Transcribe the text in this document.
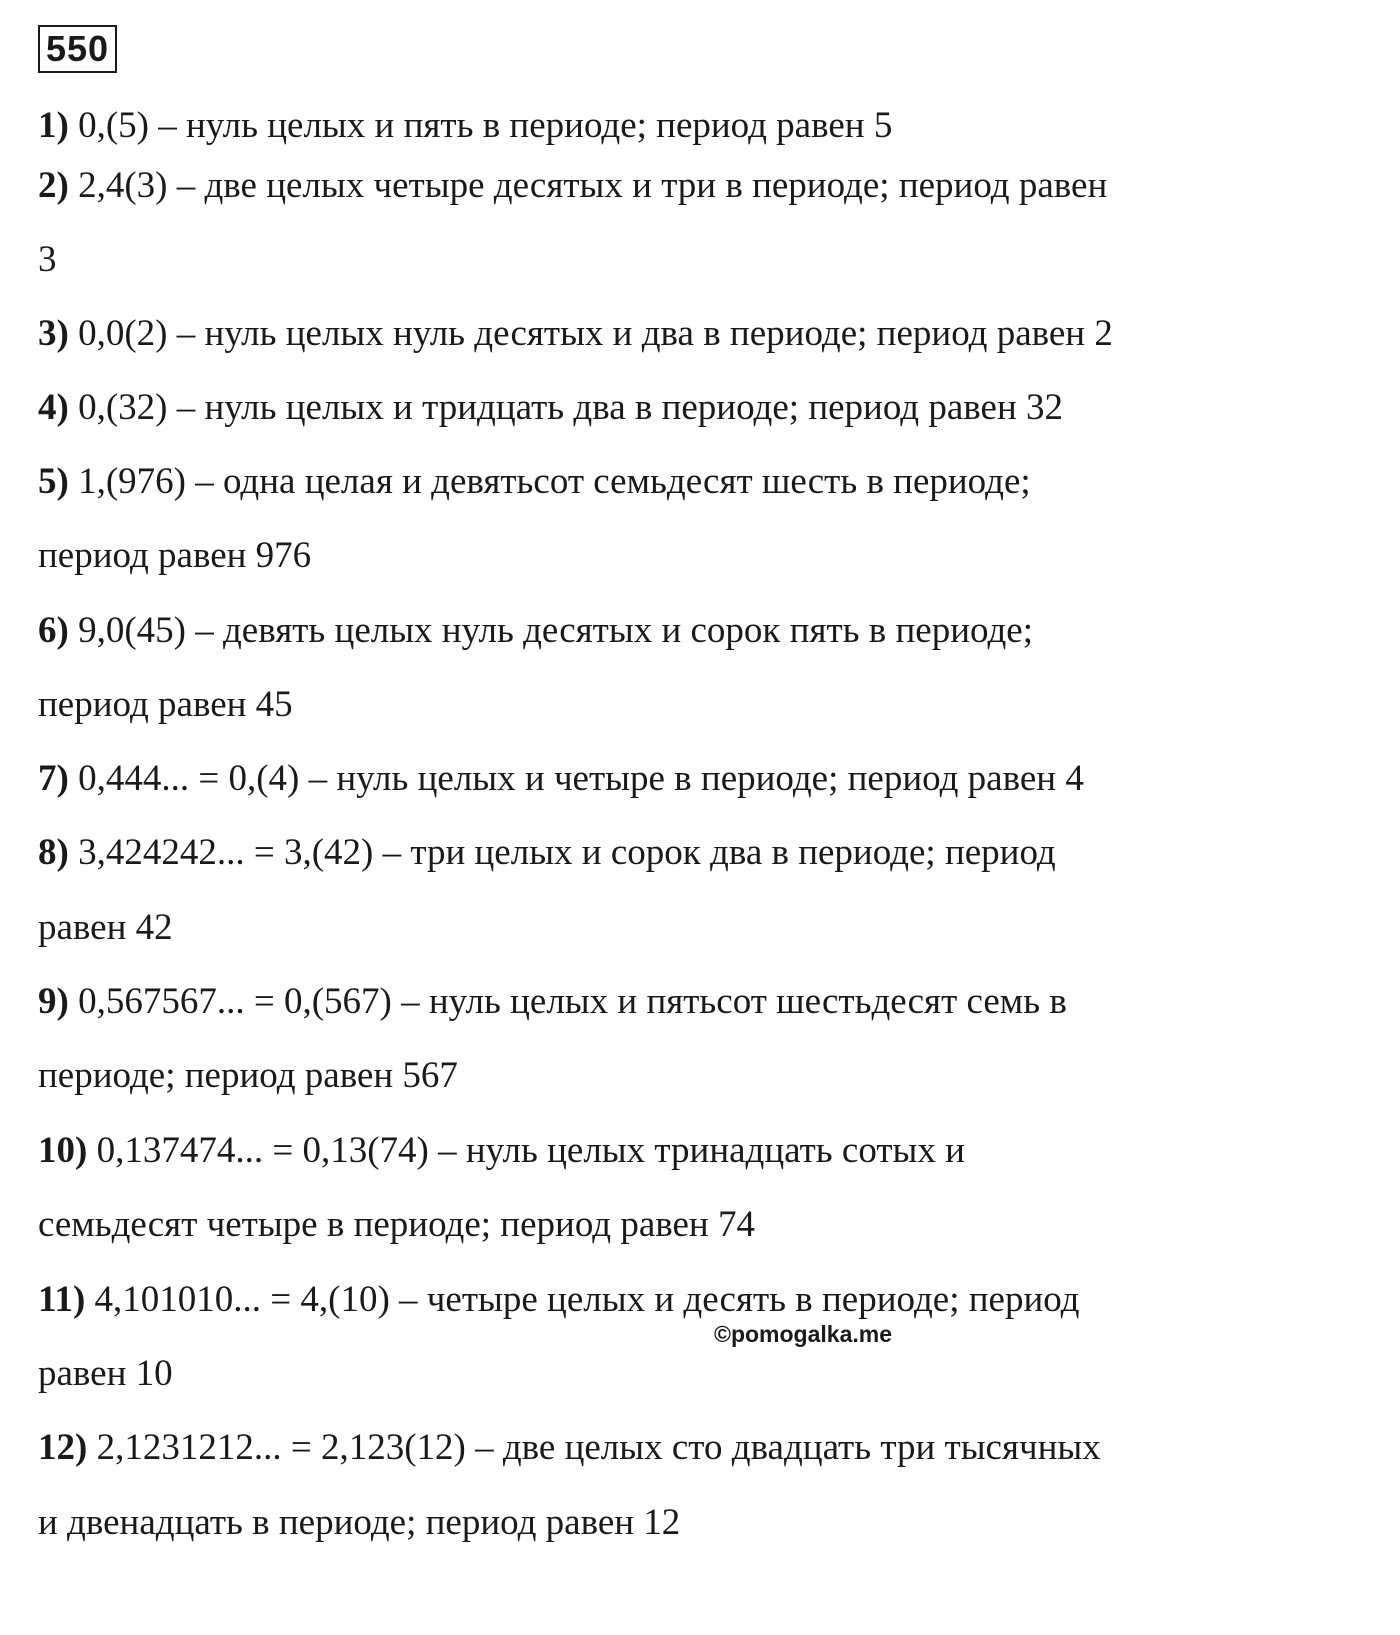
550

1) 0,(5) – нуль целых и пять в периоде; период равен 5

2) 2,4(3) – две целых четыре десятых и три в периоде; период равен

3

3) 0,0(2) – нуль целых нуль десятых и два в периоде; период равен 2

4) 0,(32) – нуль целых и тридцать два в периоде; период равен 32

5) 1,(976) – одна целая и девятьсот семьдесят шесть в периоде;

период равен 976

6) 9,0(45) – девять целых нуль десятых и сорок пять в периоде;

период равен 45

7) 0,444... = 0,(4) – нуль целых и четыре в периоде; период равен 4

8) 3,424242... = 3,(42) – три целых и сорок два в периоде; период

равен 42

9) 0,567567... = 0,(567) – нуль целых и пятьсот шестьдесят семь в

периоде; период равен 567

10) 0,137474... = 0,13(74) – нуль целых тринадцать сотых и

семьдесят четыре в периоде; период равен 74

11) 4,101010... = 4,(10) – четыре целых и десять в периоде; период

равен 10

12) 2,1231212... = 2,123(12) – две целых сто двадцать три тысячных

и двенадцать в периоде; период равен 12

©pomogalka.me
